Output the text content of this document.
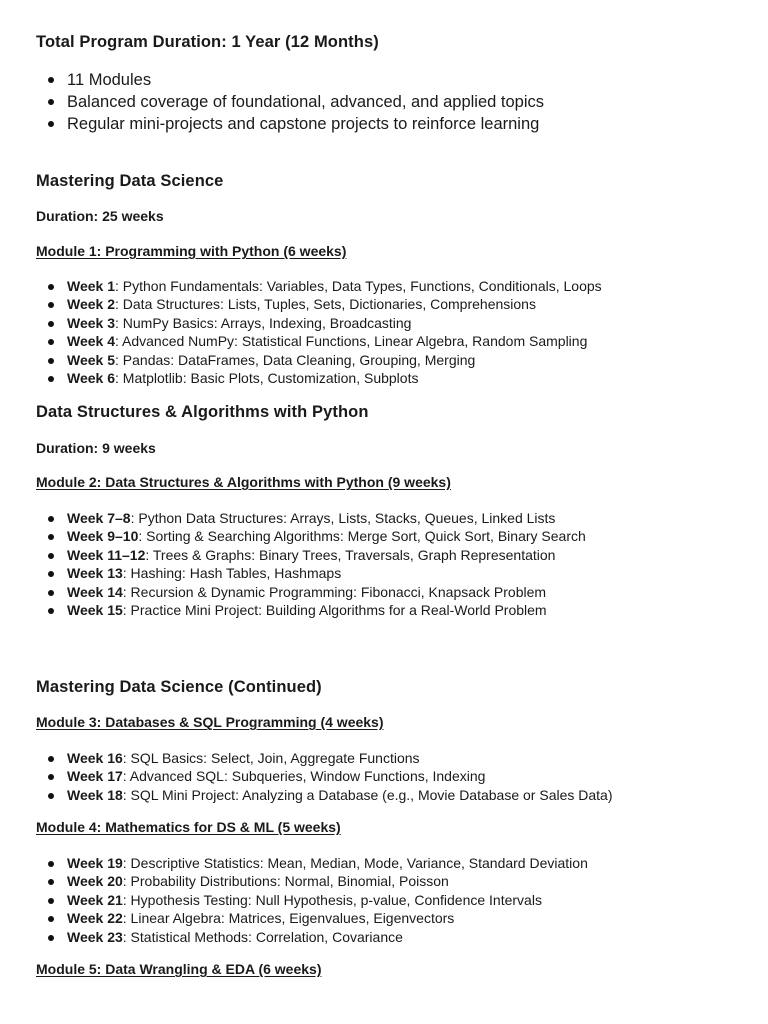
Total Program Duration: 1 Year (12 Months)
11 Modules
Balanced coverage of foundational, advanced, and applied topics
Regular mini-projects and capstone projects to reinforce learning
Mastering Data Science
Duration: 25 weeks
Module 1: Programming with Python (6 weeks)
Week 1: Python Fundamentals: Variables, Data Types, Functions, Conditionals, Loops
Week 2: Data Structures: Lists, Tuples, Sets, Dictionaries, Comprehensions
Week 3: NumPy Basics: Arrays, Indexing, Broadcasting
Week 4: Advanced NumPy: Statistical Functions, Linear Algebra, Random Sampling
Week 5: Pandas: DataFrames, Data Cleaning, Grouping, Merging
Week 6: Matplotlib: Basic Plots, Customization, Subplots
Data Structures & Algorithms with Python
Duration: 9 weeks
Module 2: Data Structures & Algorithms with Python (9 weeks)
Week 7–8: Python Data Structures: Arrays, Lists, Stacks, Queues, Linked Lists
Week 9–10: Sorting & Searching Algorithms: Merge Sort, Quick Sort, Binary Search
Week 11–12: Trees & Graphs: Binary Trees, Traversals, Graph Representation
Week 13: Hashing: Hash Tables, Hashmaps
Week 14: Recursion & Dynamic Programming: Fibonacci, Knapsack Problem
Week 15: Practice Mini Project: Building Algorithms for a Real-World Problem
Mastering Data Science (Continued)
Module 3: Databases & SQL Programming (4 weeks)
Week 16: SQL Basics: Select, Join, Aggregate Functions
Week 17: Advanced SQL: Subqueries, Window Functions, Indexing
Week 18: SQL Mini Project: Analyzing a Database (e.g., Movie Database or Sales Data)
Module 4: Mathematics for DS & ML (5 weeks)
Week 19: Descriptive Statistics: Mean, Median, Mode, Variance, Standard Deviation
Week 20: Probability Distributions: Normal, Binomial, Poisson
Week 21: Hypothesis Testing: Null Hypothesis, p-value, Confidence Intervals
Week 22: Linear Algebra: Matrices, Eigenvalues, Eigenvectors
Week 23: Statistical Methods: Correlation, Covariance
Module 5: Data Wrangling & EDA (6 weeks)
